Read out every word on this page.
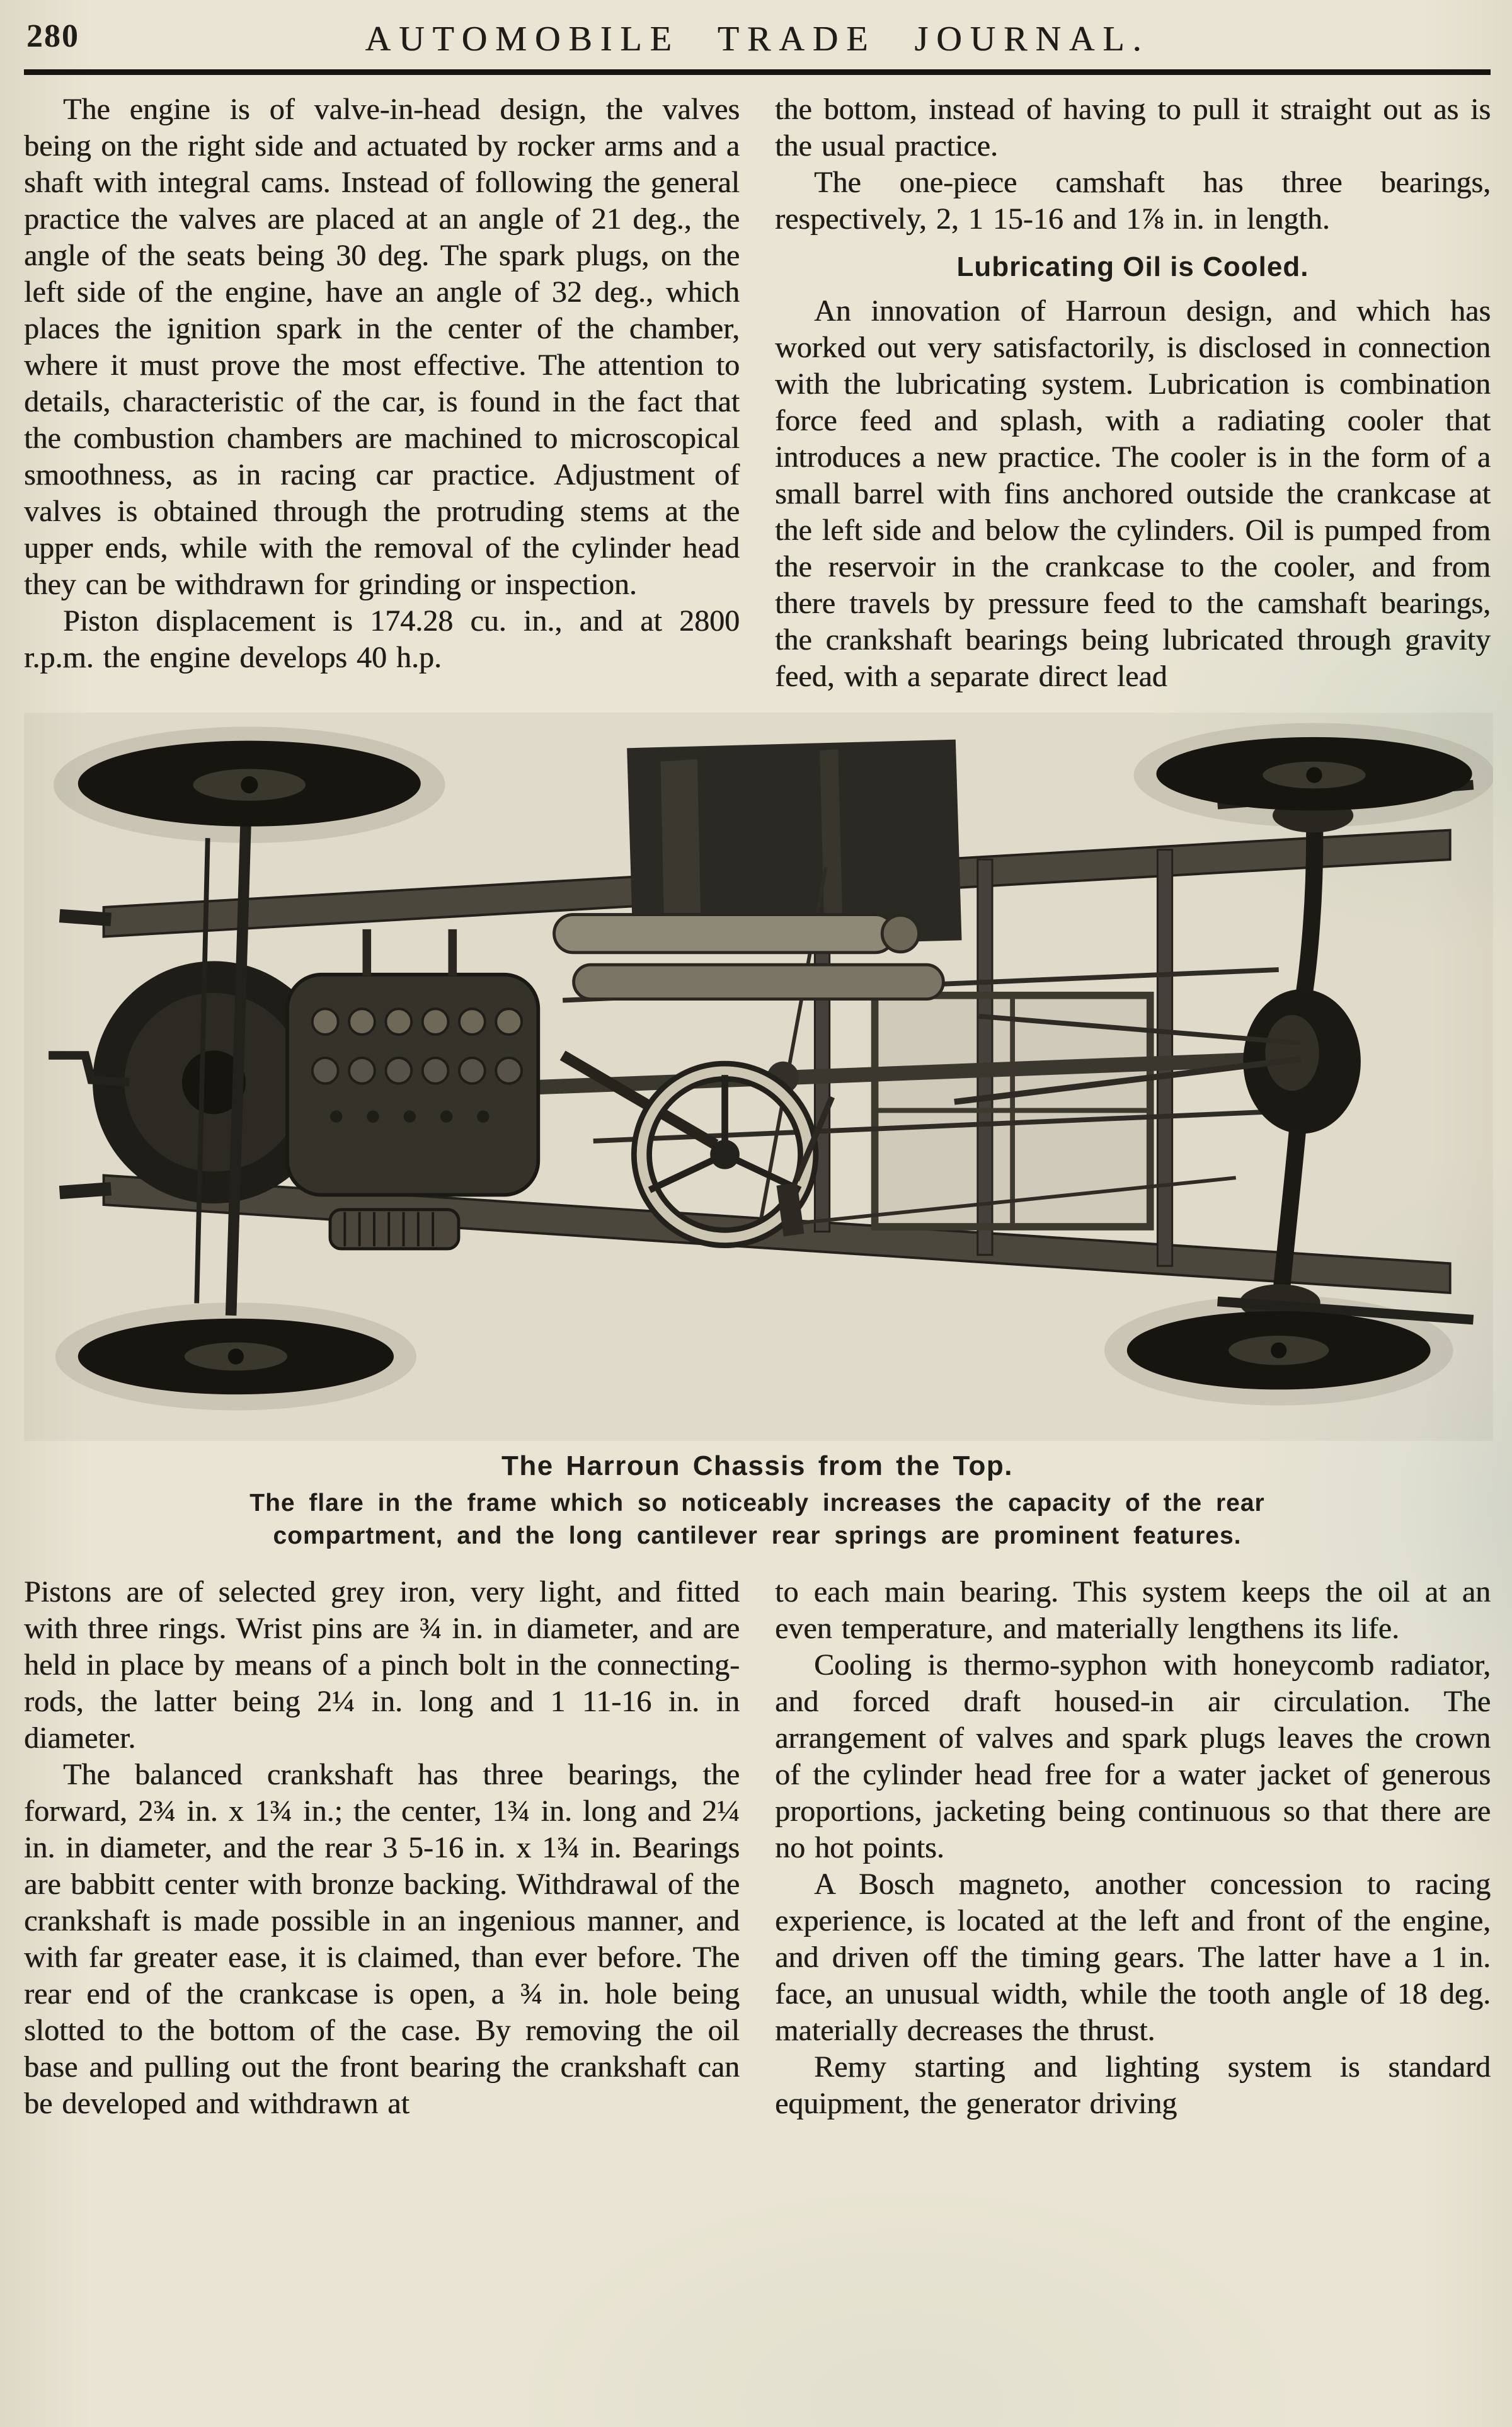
280	AUTOMOBILE TRADE JOURNAL.

The engine is of valve-in-head design, the valves being on the right side and actuated by rocker arms and a shaft with integral cams. Instead of following the general practice the valves are placed at an angle of 21 deg., the angle of the seats being 30 deg. The spark plugs, on the left side of the engine, have an angle of 32 deg., which places the ignition spark in the center of the chamber, where it must prove the most effective. The attention to details, characteristic of the car, is found in the fact that the combustion chambers are machined to microscopical smoothness, as in racing car practice. Adjustment of valves is obtained through the protruding stems at the upper ends, while with the removal of the cylinder head they can be withdrawn for grinding or inspection.

Piston displacement is 174.28 cu. in., and at 2800 r.p.m. the engine develops 40 h.p.

the bottom, instead of having to pull it straight out as is the usual practice.

The one-piece camshaft has three bearings, respectively, 2, 1 15-16 and 1⅞ in. in length.

Lubricating Oil is Cooled.

An innovation of Harroun design, and which has worked out very satisfactorily, is disclosed in connection with the lubricating system. Lubrication is combination force feed and splash, with a radiating cooler that introduces a new practice. The cooler is in the form of a small barrel with fins anchored outside the crankcase at the left side and below the cylinders. Oil is pumped from the reservoir in the crankcase to the cooler, and from there travels by pressure feed to the camshaft bearings, the crankshaft bearings being lubricated through gravity feed, with a separate direct lead

The Harroun Chassis from the Top.
The flare in the frame which so noticeably increases the capacity of the rear compartment, and the long cantilever rear springs are prominent features.

Pistons are of selected grey iron, very light, and fitted with three rings. Wrist pins are ¾ in. in diameter, and are held in place by means of a pinch bolt in the connecting-rods, the latter being 2¼ in. long and 1 11-16 in. in diameter.

The balanced crankshaft has three bearings, the forward, 2¾ in. x 1¾ in.; the center, 1¾ in. long and 2¼ in. in diameter, and the rear 3 5-16 in. x 1¾ in. Bearings are babbitt center with bronze backing. Withdrawal of the crankshaft is made possible in an ingenious manner, and with far greater ease, it is claimed, than ever before. The rear end of the crankcase is open, a ¾ in. hole being slotted to the bottom of the case. By removing the oil base and pulling out the front bearing the crankshaft can be developed and withdrawn at

to each main bearing. This system keeps the oil at an even temperature, and materially lengthens its life.

Cooling is thermo-syphon with honeycomb radiator, and forced draft housed-in air circulation. The arrangement of valves and spark plugs leaves the crown of the cylinder head free for a water jacket of generous proportions, jacketing being continuous so that there are no hot points.

A Bosch magneto, another concession to racing experience, is located at the left and front of the engine, and driven off the timing gears. The latter have a 1 in. face, an unusual width, while the tooth angle of 18 deg. materially decreases the thrust.

Remy starting and lighting system is standard equipment, the generator driving
